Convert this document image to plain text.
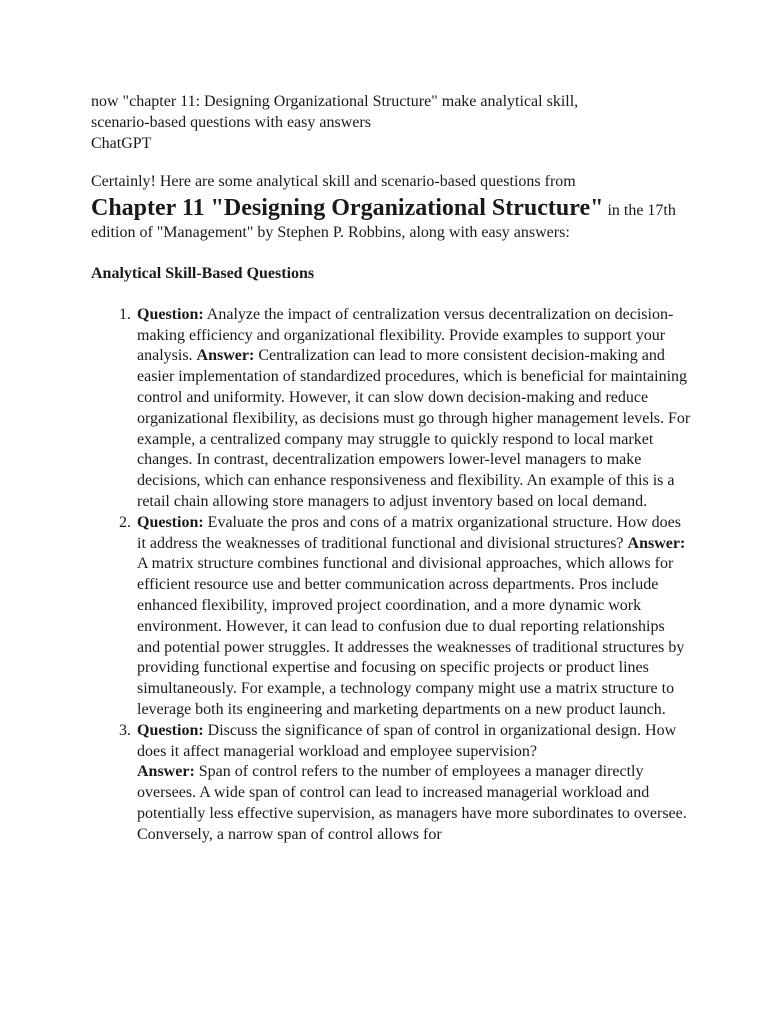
now "chapter 11: Designing Organizational Structure" make analytical skill,

scenario-based questions with easy answers

ChatGPT

Certainly! Here are some analytical skill and scenario-based questions from
Chapter 11 "Designing Organizational Structure" in the 17th edition of "Management" by Stephen P. Robbins, along with easy answers:

Analytical Skill-Based Questions

1. Question: Analyze the impact of centralization versus decentralization on decision-making efficiency and organizational flexibility. Provide examples to support your analysis. Answer: Centralization can lead to more consistent decision-making and easier implementation of standardized procedures, which is beneficial for maintaining control and uniformity. However, it can slow down decision-making and reduce organizational flexibility, as decisions must go through higher management levels. For example, a centralized company may struggle to quickly respond to local market changes. In contrast, decentralization empowers lower-level managers to make decisions, which can enhance responsiveness and flexibility. An example of this is a retail chain allowing store managers to adjust inventory based on local demand.
2. Question: Evaluate the pros and cons of a matrix organizational structure. How does it address the weaknesses of traditional functional and divisional structures? Answer: A matrix structure combines functional and divisional approaches, which allows for efficient resource use and better communication across departments. Pros include enhanced flexibility, improved project coordination, and a more dynamic work environment. However, it can lead to confusion due to dual reporting relationships and potential power struggles. It addresses the weaknesses of traditional structures by providing functional expertise and focusing on specific projects or product lines simultaneously. For example, a technology company might use a matrix structure to leverage both its engineering and marketing departments on a new product launch.
3. Question: Discuss the significance of span of control in organizational design. How does it affect managerial workload and employee supervision?
Answer: Span of control refers to the number of employees a manager directly oversees. A wide span of control can lead to increased managerial workload and potentially less effective supervision, as managers have more subordinates to oversee. Conversely, a narrow span of control allows for
